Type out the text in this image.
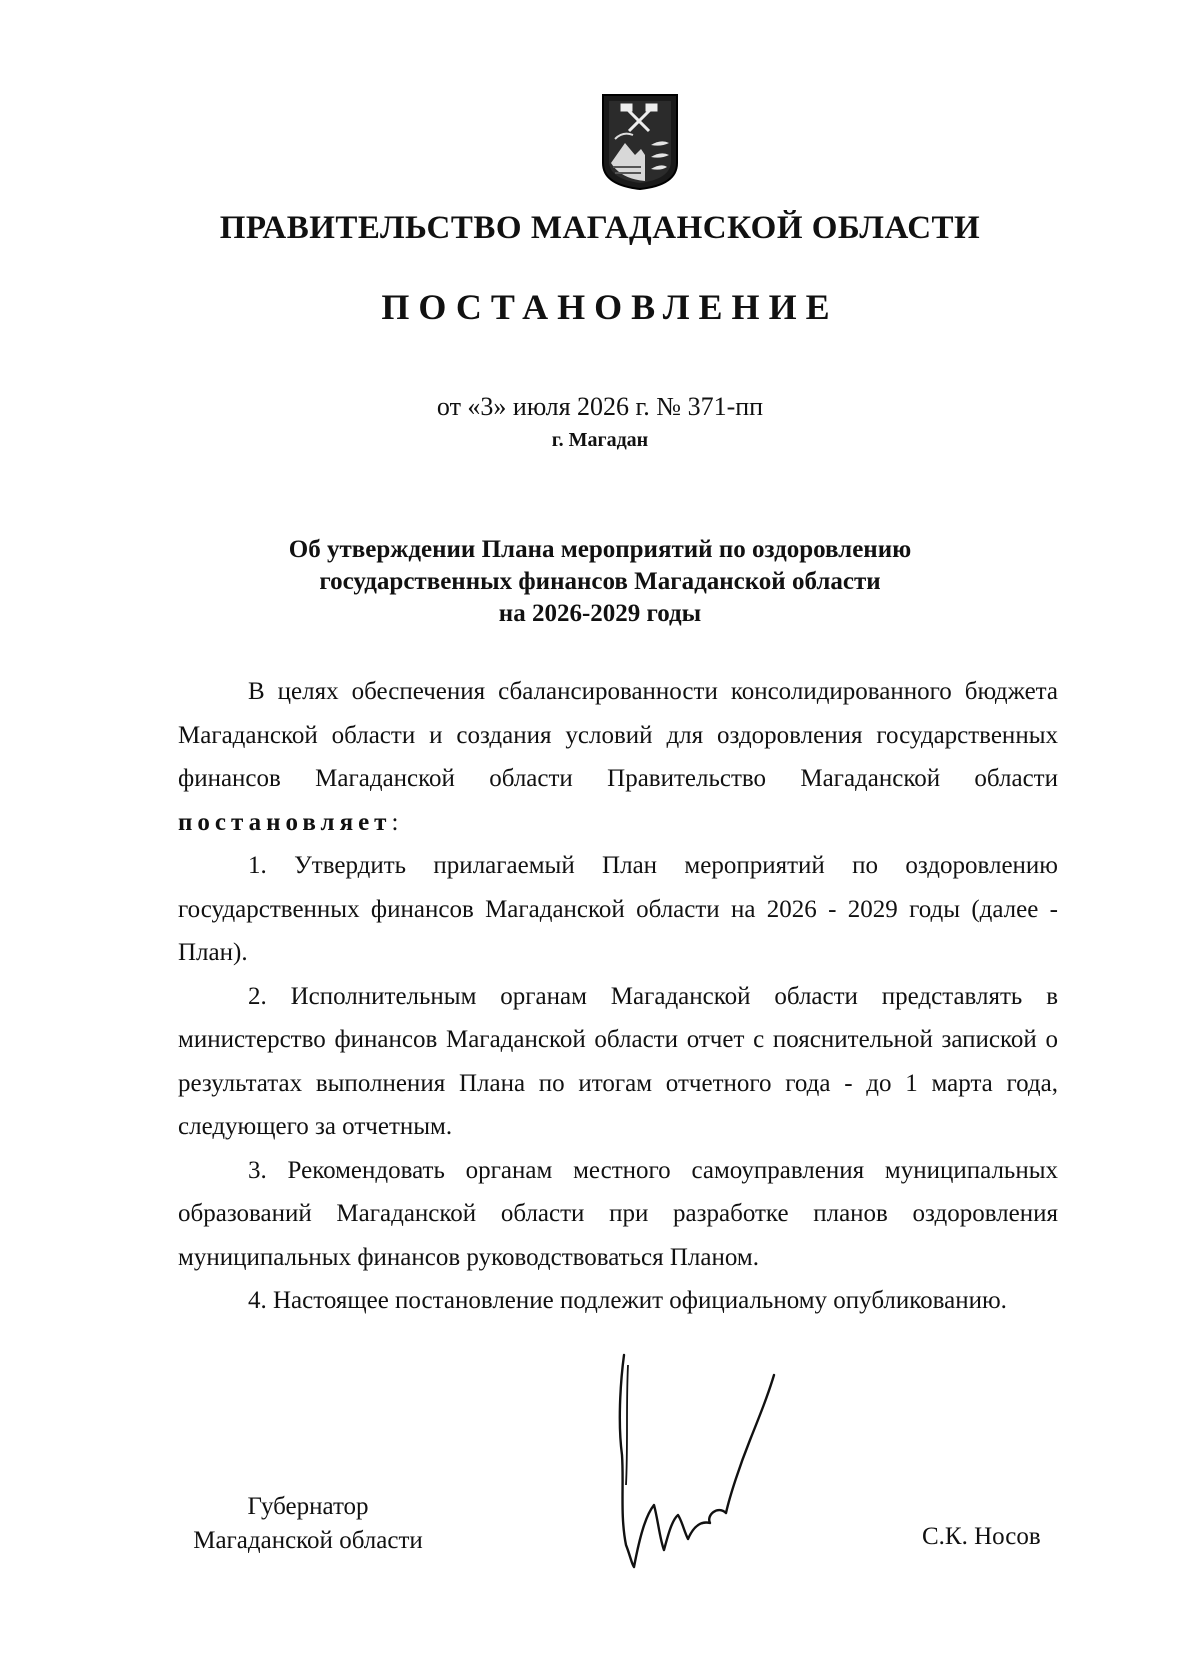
ПРАВИТЕЛЬСТВО МАГАДАНСКОЙ ОБЛАСТИ
ПОСТАНОВЛЕНИЕ
от «3» июля 2026 г. № 371-пп
г. Магадан
Об утверждении Плана мероприятий по оздоровлению
государственных финансов Магаданской области
на 2026-2029 годы

В целях обеспечения сбалансированности консолидированного бюджета Магаданской области и создания условий для оздоровления государственных финансов Магаданской области Правительство Магаданской области постановляет:

1. Утвердить прилагаемый План мероприятий по оздоровлению государственных финансов Магаданской области на 2026 - 2029 годы (далее - План).

2. Исполнительным органам Магаданской области представлять в министерство финансов Магаданской области отчет с пояснительной запиской о результатах выполнения Плана по итогам отчетного года - до 1 марта года, следующего за отчетным.

3. Рекомендовать органам местного самоуправления муниципальных образований Магаданской области при разработке планов оздоровления муниципальных финансов руководствоваться Планом.

4. Настоящее постановление подлежит официальному опубликованию.

Губернатор
Магаданской области	С.К. Носов
